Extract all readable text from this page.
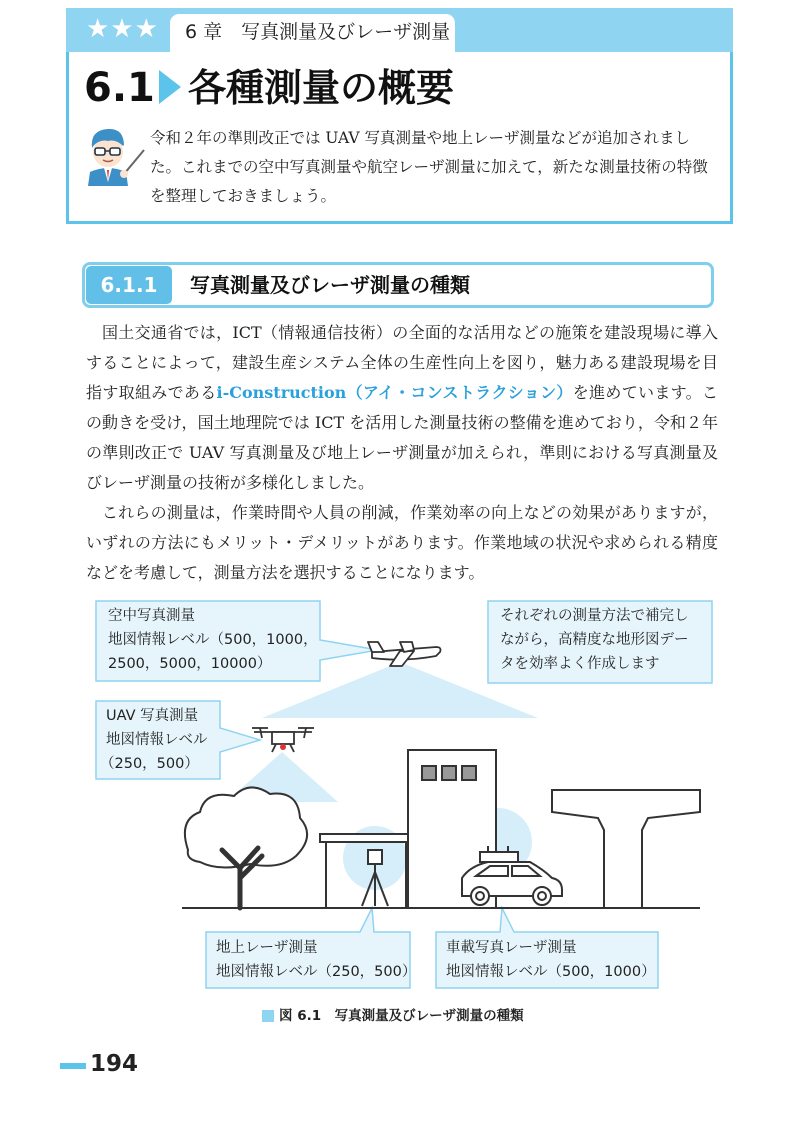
★★★ 6 章　写真測量及びレーザ測量
6.1 各種測量の概要
令和２年の準則改正では UAV 写真測量や地上レーザ測量などが追加されました。これまでの空中写真測量や航空レーザ測量に加えて，新たな測量技術の特徴を整理しておきましょう。
6.1.1	写真測量及びレーザ測量の種類

国土交通省では，ICT（情報通信技術）の全面的な活用などの施策を建設現場に導入することによって，建設生産システム全体の生産性向上を図り，魅力ある建設現場を目指す取組みであるi-Construction（アイ・コンストラクション）を進めています。この動きを受け，国土地理院では ICT を活用した測量技術の整備を進めており，令和２年の準則改正で UAV 写真測量及び地上レーザ測量が加えられ，準則における写真測量及びレーザ測量の技術が多様化しました。

これらの測量は，作業時間や人員の削減，作業効率の向上などの効果がありますが，いずれの方法にもメリット・デメリットがあります。作業地域の状況や求められる精度などを考慮して，測量方法を選択することになります。

空中写真測量
地図情報レベル（500，1000，
2500，5000，10000）
それぞれの測量方法で補完し
ながら，高精度な地形図デー
タを効率よく作成します
UAV 写真測量
地図情報レベル
（250，500）
地上レーザ測量
地図情報レベル（250，500）
車載写真レーザ測量
地図情報レベル（500，1000）
図 6.1　写真測量及びレーザ測量の種類
194
